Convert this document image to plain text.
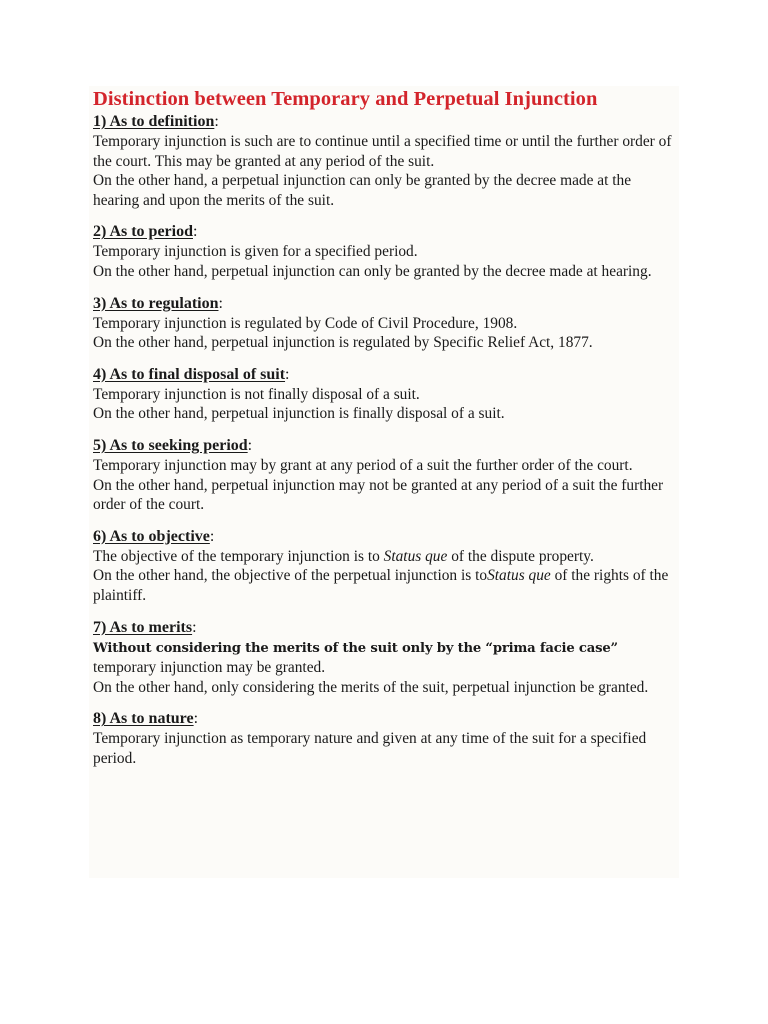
Distinction between Temporary and Perpetual Injunction

1) As to definition:

Temporary injunction is such are to continue until a specified time or until the further order of the court. This may be granted at any period of the suit.

On the other hand, a perpetual injunction can only be granted by the decree made at the hearing and upon the merits of the suit.

2) As to period:

Temporary injunction is given for a specified period.

On the other hand, perpetual injunction can only be granted by the decree made at hearing.

3) As to regulation:

Temporary injunction is regulated by Code of Civil Procedure, 1908.

On the other hand, perpetual injunction is regulated by Specific Relief Act, 1877.

4) As to final disposal of suit:

Temporary injunction is not finally disposal of a suit.

On the other hand, perpetual injunction is finally disposal of a suit.

5) As to seeking period:

Temporary injunction may by grant at any period of a suit the further order of the court.

On the other hand, perpetual injunction may not be granted at any period of a suit the further order of the court.

6) As to objective:

The objective of the temporary injunction is to Status que of the dispute property.

On the other hand, the objective of the perpetual injunction is toStatus que of the rights of the plaintiff.

7) As to merits:

Without considering the merits of the suit only by the “prima facie case”
temporary injunction may be granted.

On the other hand, only considering the merits of the suit, perpetual injunction be granted.

8) As to nature:

Temporary injunction as temporary nature and given at any time of the suit for a specified period.
